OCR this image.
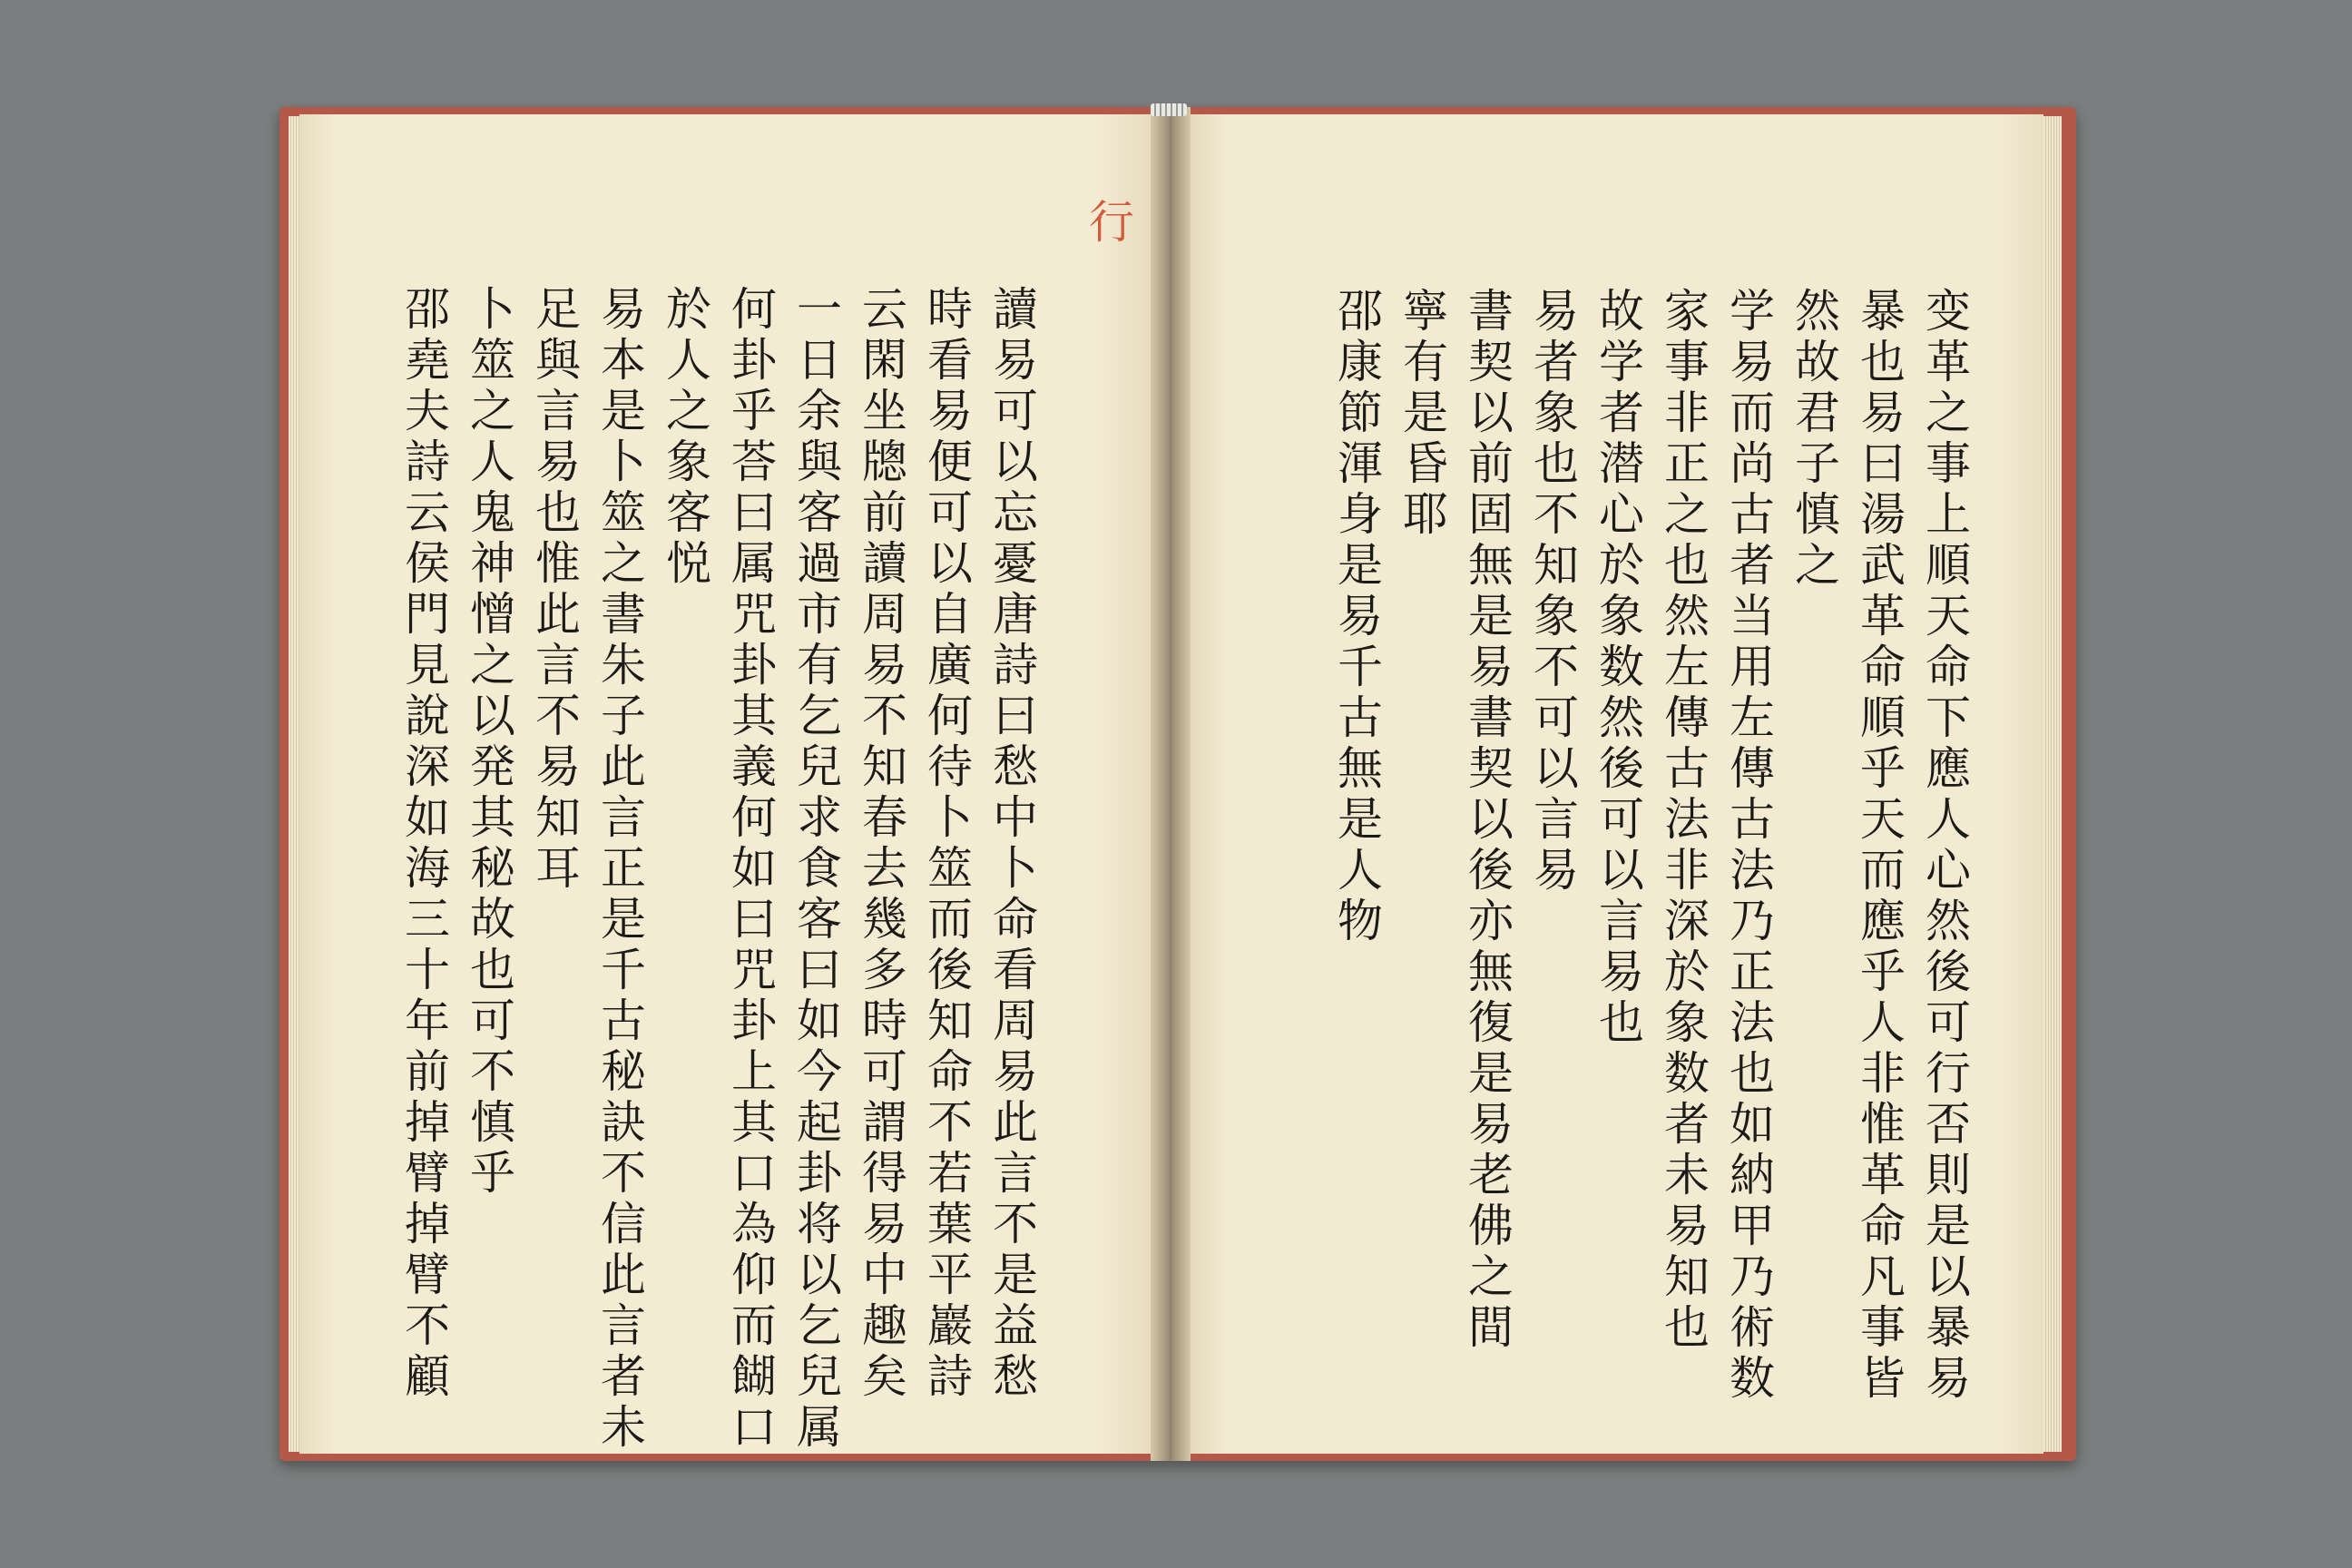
行
讀易可以忘憂唐詩曰愁中卜命看周易此言不是益愁
時看易便可以自廣何待卜筮而後知命不若葉平巖詩
云閑坐牕前讀周易不知春去幾多時可謂得易中趣矣
一日余與客過市有乞兒求食客曰如今起卦将以乞兒属
何卦乎荅曰属咒卦其義何如曰咒卦上其口為仰而餬口
於人之象客悦
易本是卜筮之書朱子此言正是千古秘訣不信此言者未
足與言易也惟此言不易知耳
卜筮之人鬼神憎之以発其秘故也可不慎乎
邵堯夫詩云侯門見說深如海三十年前掉臂掉臂不顧	变革之事上順天命下應人心然後可行否則是以暴易
暴也易曰湯武革命順乎天而應乎人非惟革命凡事皆
然故君子慎之
学易而尚古者当用左傳古法乃正法也如納甲乃術数
家事非正之也然左傳古法非深於象数者未易知也
故学者潜心於象数然後可以言易也
易者象也不知象不可以言易
書契以前固無是易書契以後亦無復是易老佛之間
寧有是昏耶
邵康節渾身是易千古無是人物
